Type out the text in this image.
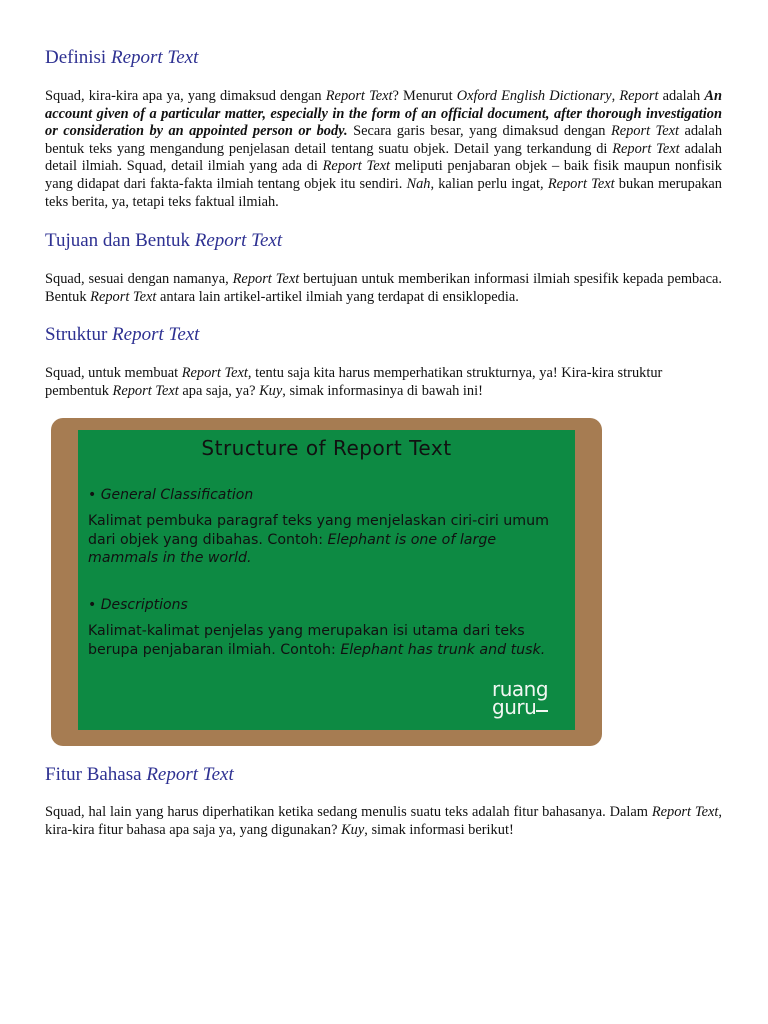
Definisi Report Text

Squad, kira-kira apa ya, yang dimaksud dengan Report Text? Menurut Oxford English Dictionary, Report adalah An account given of a particular matter, especially in the form of an official document, after thorough investigation or consideration by an appointed person or body. Secara garis besar, yang dimaksud dengan Report Text adalah bentuk teks yang mengandung penjelasan detail tentang suatu objek. Detail yang terkandung di Report Text adalah detail ilmiah. Squad, detail ilmiah yang ada di Report Text meliputi penjabaran objek – baik fisik maupun nonfisik yang didapat dari fakta-fakta ilmiah tentang objek itu sendiri. Nah, kalian perlu ingat, Report Text bukan merupakan teks berita, ya, tetapi teks faktual ilmiah.

Tujuan dan Bentuk Report Text

Squad, sesuai dengan namanya, Report Text bertujuan untuk memberikan informasi ilmiah spesifik kepada pembaca. Bentuk Report Text antara lain artikel-artikel ilmiah yang terdapat di ensiklopedia.

Struktur Report Text

Squad, untuk membuat Report Text, tentu saja kita harus memperhatikan strukturnya, ya! Kira-kira struktur pembentuk Report Text apa saja, ya? Kuy, simak informasinya di bawah ini!

Fitur Bahasa Report Text

Squad, hal lain yang harus diperhatikan ketika sedang menulis suatu teks adalah fitur bahasanya. Dalam Report Text, kira-kira fitur bahasa apa saja ya, yang digunakan? Kuy, simak informasi berikut!

Structure of Report Text
• General Classification
Kalimat pembuka paragraf teks yang menjelaskan ciri-ciri umum dari objek yang dibahas. Contoh: Elephant is one of large mammals in the world.
• Descriptions
Kalimat-kalimat penjelas yang merupakan isi utama dari teks berupa penjabaran ilmiah. Contoh: Elephant has trunk and tusk.
ruang
guru
